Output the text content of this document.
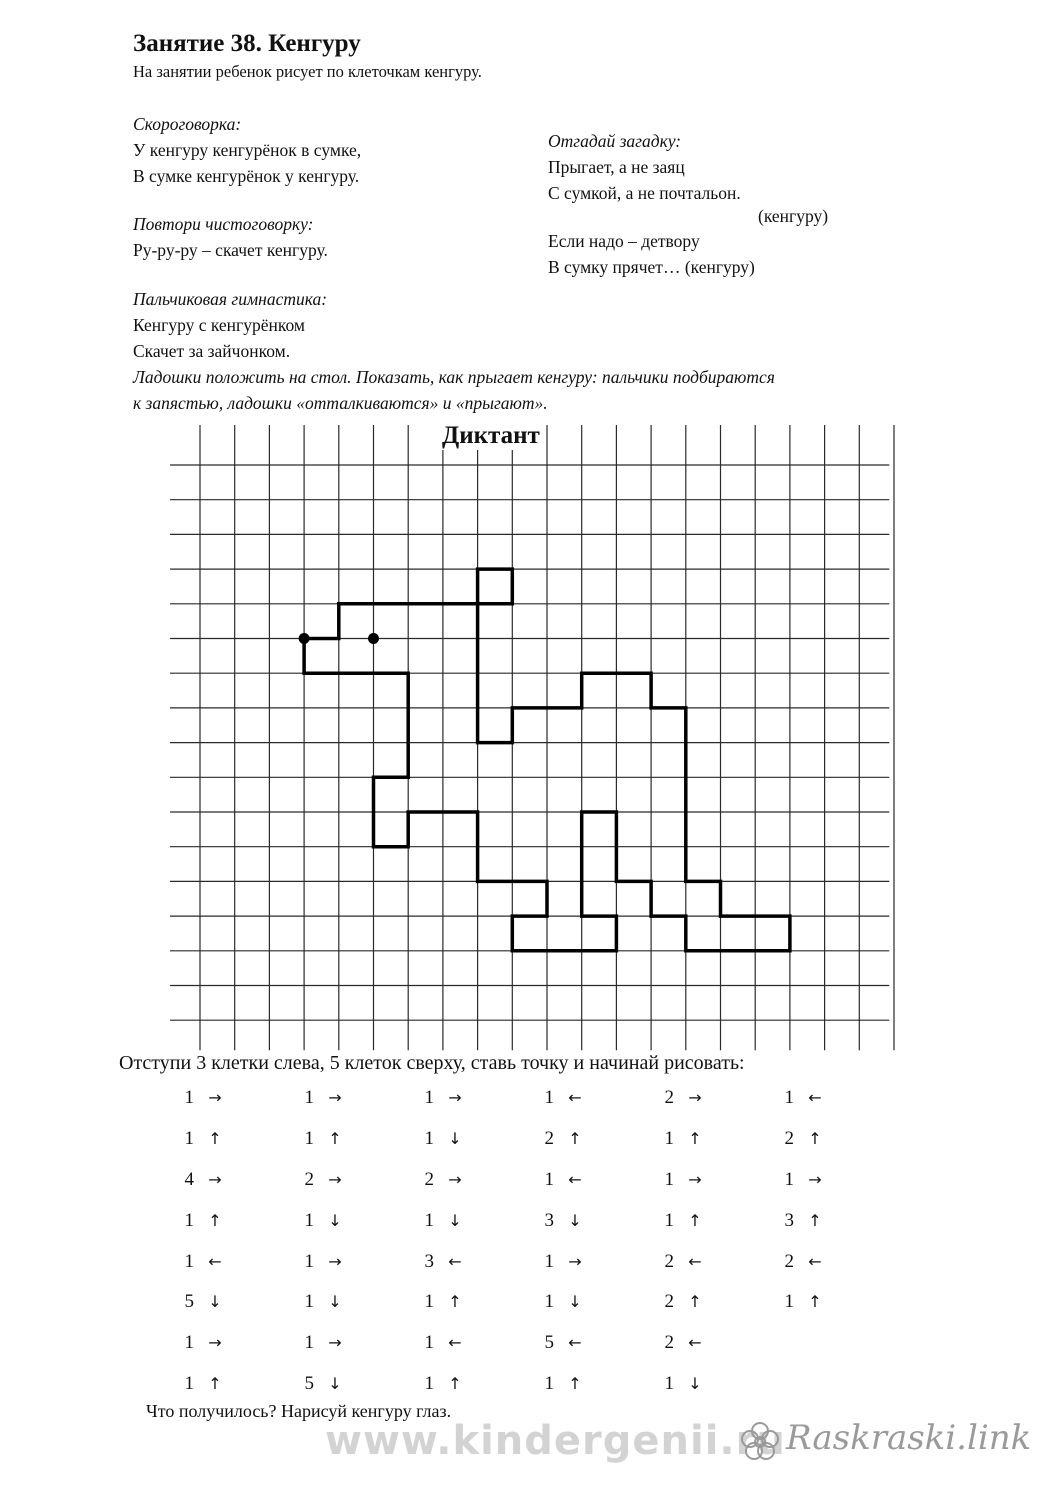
Занятие 38. Кенгуру
На занятии ребенок рисует по клеточкам кенгуру.
Скороговорка:
У кенгуру кенгурёнок в сумке,
В сумке кенгурёнок у кенгуру.
Повтори чистоговорку:
Ру-ру-ру – скачет кенгуру.
Пальчиковая гимнастика:
Кенгуру с кенгурёнком
Скачет за зайчонком.
Ладошки положить на стол. Показать, как прыгает кенгуру: пальчики подбираются
к запястью, ладошки «отталкиваются» и «прыгают».
Отгадай загадку:
Прыгает, а не заяц
С сумкой, а не почтальон.
(кенгуру)
Если надо – детвору
В сумку прячет… (кенгуру)
Диктант
Отступи 3 клетки слева, 5 клеток сверху, ставь точку и начинай рисовать:
1 →	1 →	1 →	1 ←	2 →	1 ←
1 ↑	1 ↑	1 ↓	2 ↑	1 ↑	2 ↑
4 →	2 →	2 →	1 ←	1 →	1 →
1 ↑	1 ↓	1 ↓	3 ↓	1 ↑	3 ↑
1 ←	1 →	3 ←	1 →	2 ←	2 ←
5 ↓	1 ↓	1 ↑	1 ↓	2 ↑	1 ↑
1 →	1 →	1 ←	5 ←	2 ←	
1 ↑	5 ↓	1 ↑	1 ↑	1 ↓	
Что получилось? Нарисуй кенгуру глаз.
www.kindergenii.ru Raskraski.link
